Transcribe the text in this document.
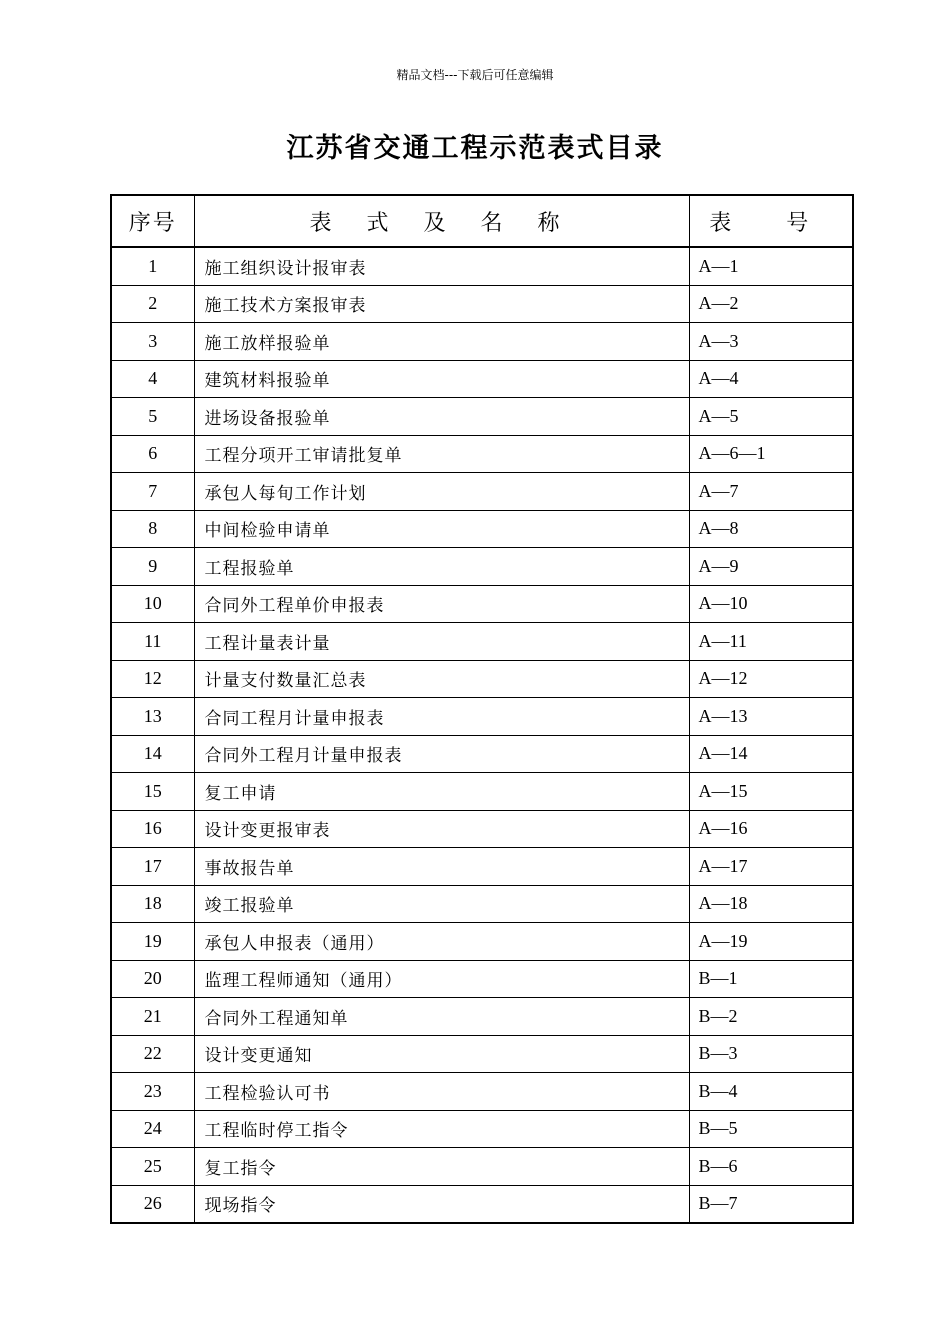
精品文档---下载后可任意编辑
江苏省交通工程示范表式目录
序号	表 式 及 名 称	表 号
1	施工组织设计报审表	A—1
2	施工技术方案报审表	A—2
3	施工放样报验单	A—3
4	建筑材料报验单	A—4
5	进场设备报验单	A—5
6	工程分项开工审请批复单	A—6—1
7	承包人每旬工作计划	A—7
8	中间检验申请单	A—8
9	工程报验单	A—9
10	合同外工程单价申报表	A—10
11	工程计量表计量	A—11
12	计量支付数量汇总表	A—12
13	合同工程月计量申报表	A—13
14	合同外工程月计量申报表	A—14
15	复工申请	A—15
16	设计变更报审表	A—16
17	事故报告单	A—17
18	竣工报验单	A—18
19	承包人申报表（通用）	A—19
20	监理工程师通知（通用）	B—1
21	合同外工程通知单	B—2
22	设计变更通知	B—3
23	工程检验认可书	B—4
24	工程临时停工指令	B—5
25	复工指令	B—6
26	现场指令	B—7
